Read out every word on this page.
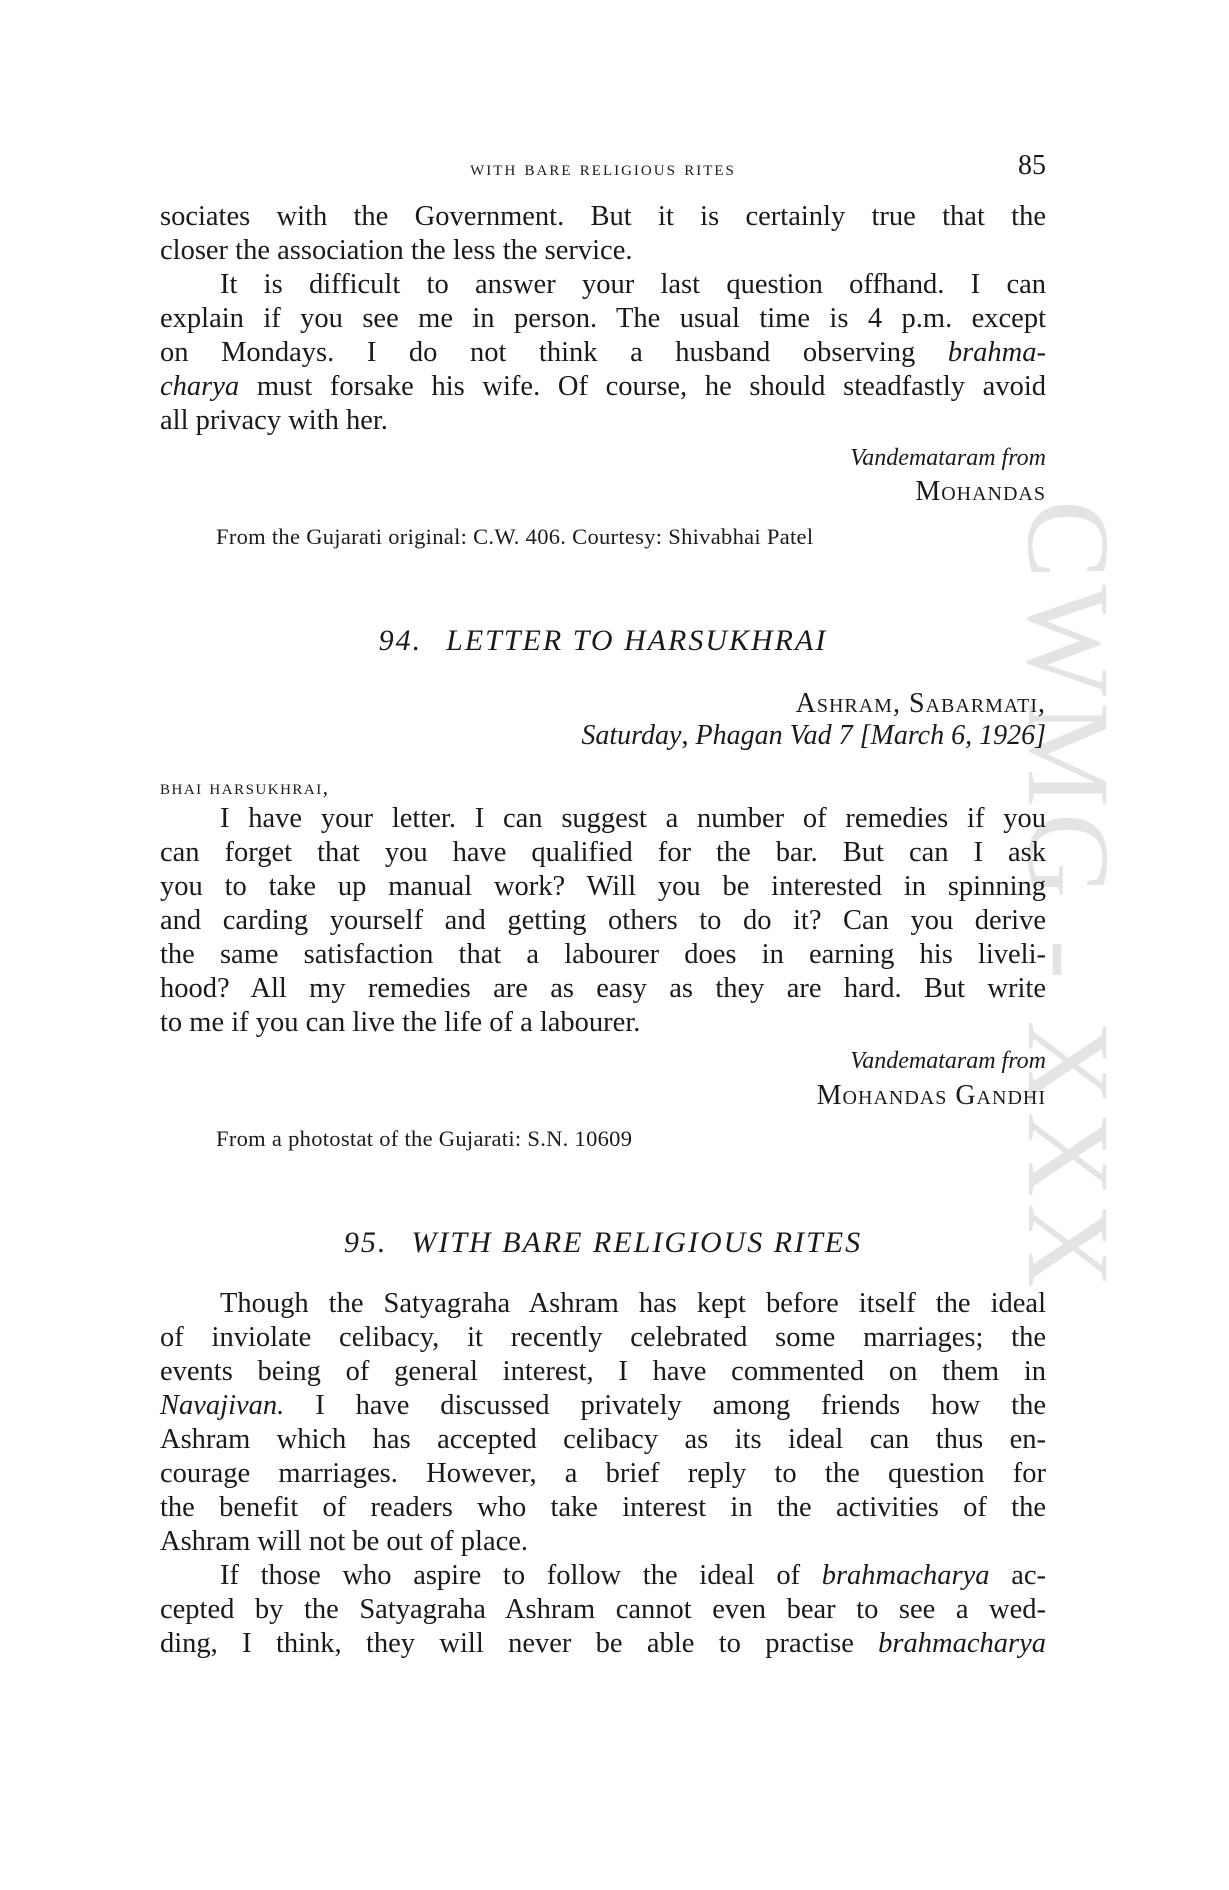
CWMG - XXX
with bare religious rites	85
sociates with the Government. But it is certainly true that the
closer the association the less the service.
It is difficult to answer your last question offhand. I can
explain if you see me in person. The usual time is 4 p.m. except
on Mondays. I do not think a husband observing brahma-
charya must forsake his wife. Of course, he should steadfastly avoid
all privacy with her.
Vandemataram from
Mohandas
From the Gujarati original: C.W. 406. Courtesy: Shivabhai Patel
94. LETTER TO HARSUKHRAI
Ashram, Sabarmati,
Saturday, Phagan Vad 7 [March 6, 1926]
bhai harsukhrai,
I have your letter. I can suggest a number of remedies if you
can forget that you have qualified for the bar. But can I ask
you to take up manual work? Will you be interested in spinning
and carding yourself and getting others to do it? Can you derive
the same satisfaction that a labourer does in earning his liveli-
hood? All my remedies are as easy as they are hard. But write
to me if you can live the life of a labourer.
Vandemataram from
Mohandas Gandhi
From a photostat of the Gujarati: S.N. 10609
95. WITH BARE RELIGIOUS RITES
Though the Satyagraha Ashram has kept before itself the ideal
of inviolate celibacy, it recently celebrated some marriages; the
events being of general interest, I have commented on them in
Navajivan. I have discussed privately among friends how the
Ashram which has accepted celibacy as its ideal can thus en-
courage marriages. However, a brief reply to the question for
the benefit of readers who take interest in the activities of the
Ashram will not be out of place.
If those who aspire to follow the ideal of brahmacharya ac-
cepted by the Satyagraha Ashram cannot even bear to see a wed-
ding, I think, they will never be able to practise brahmacharya
